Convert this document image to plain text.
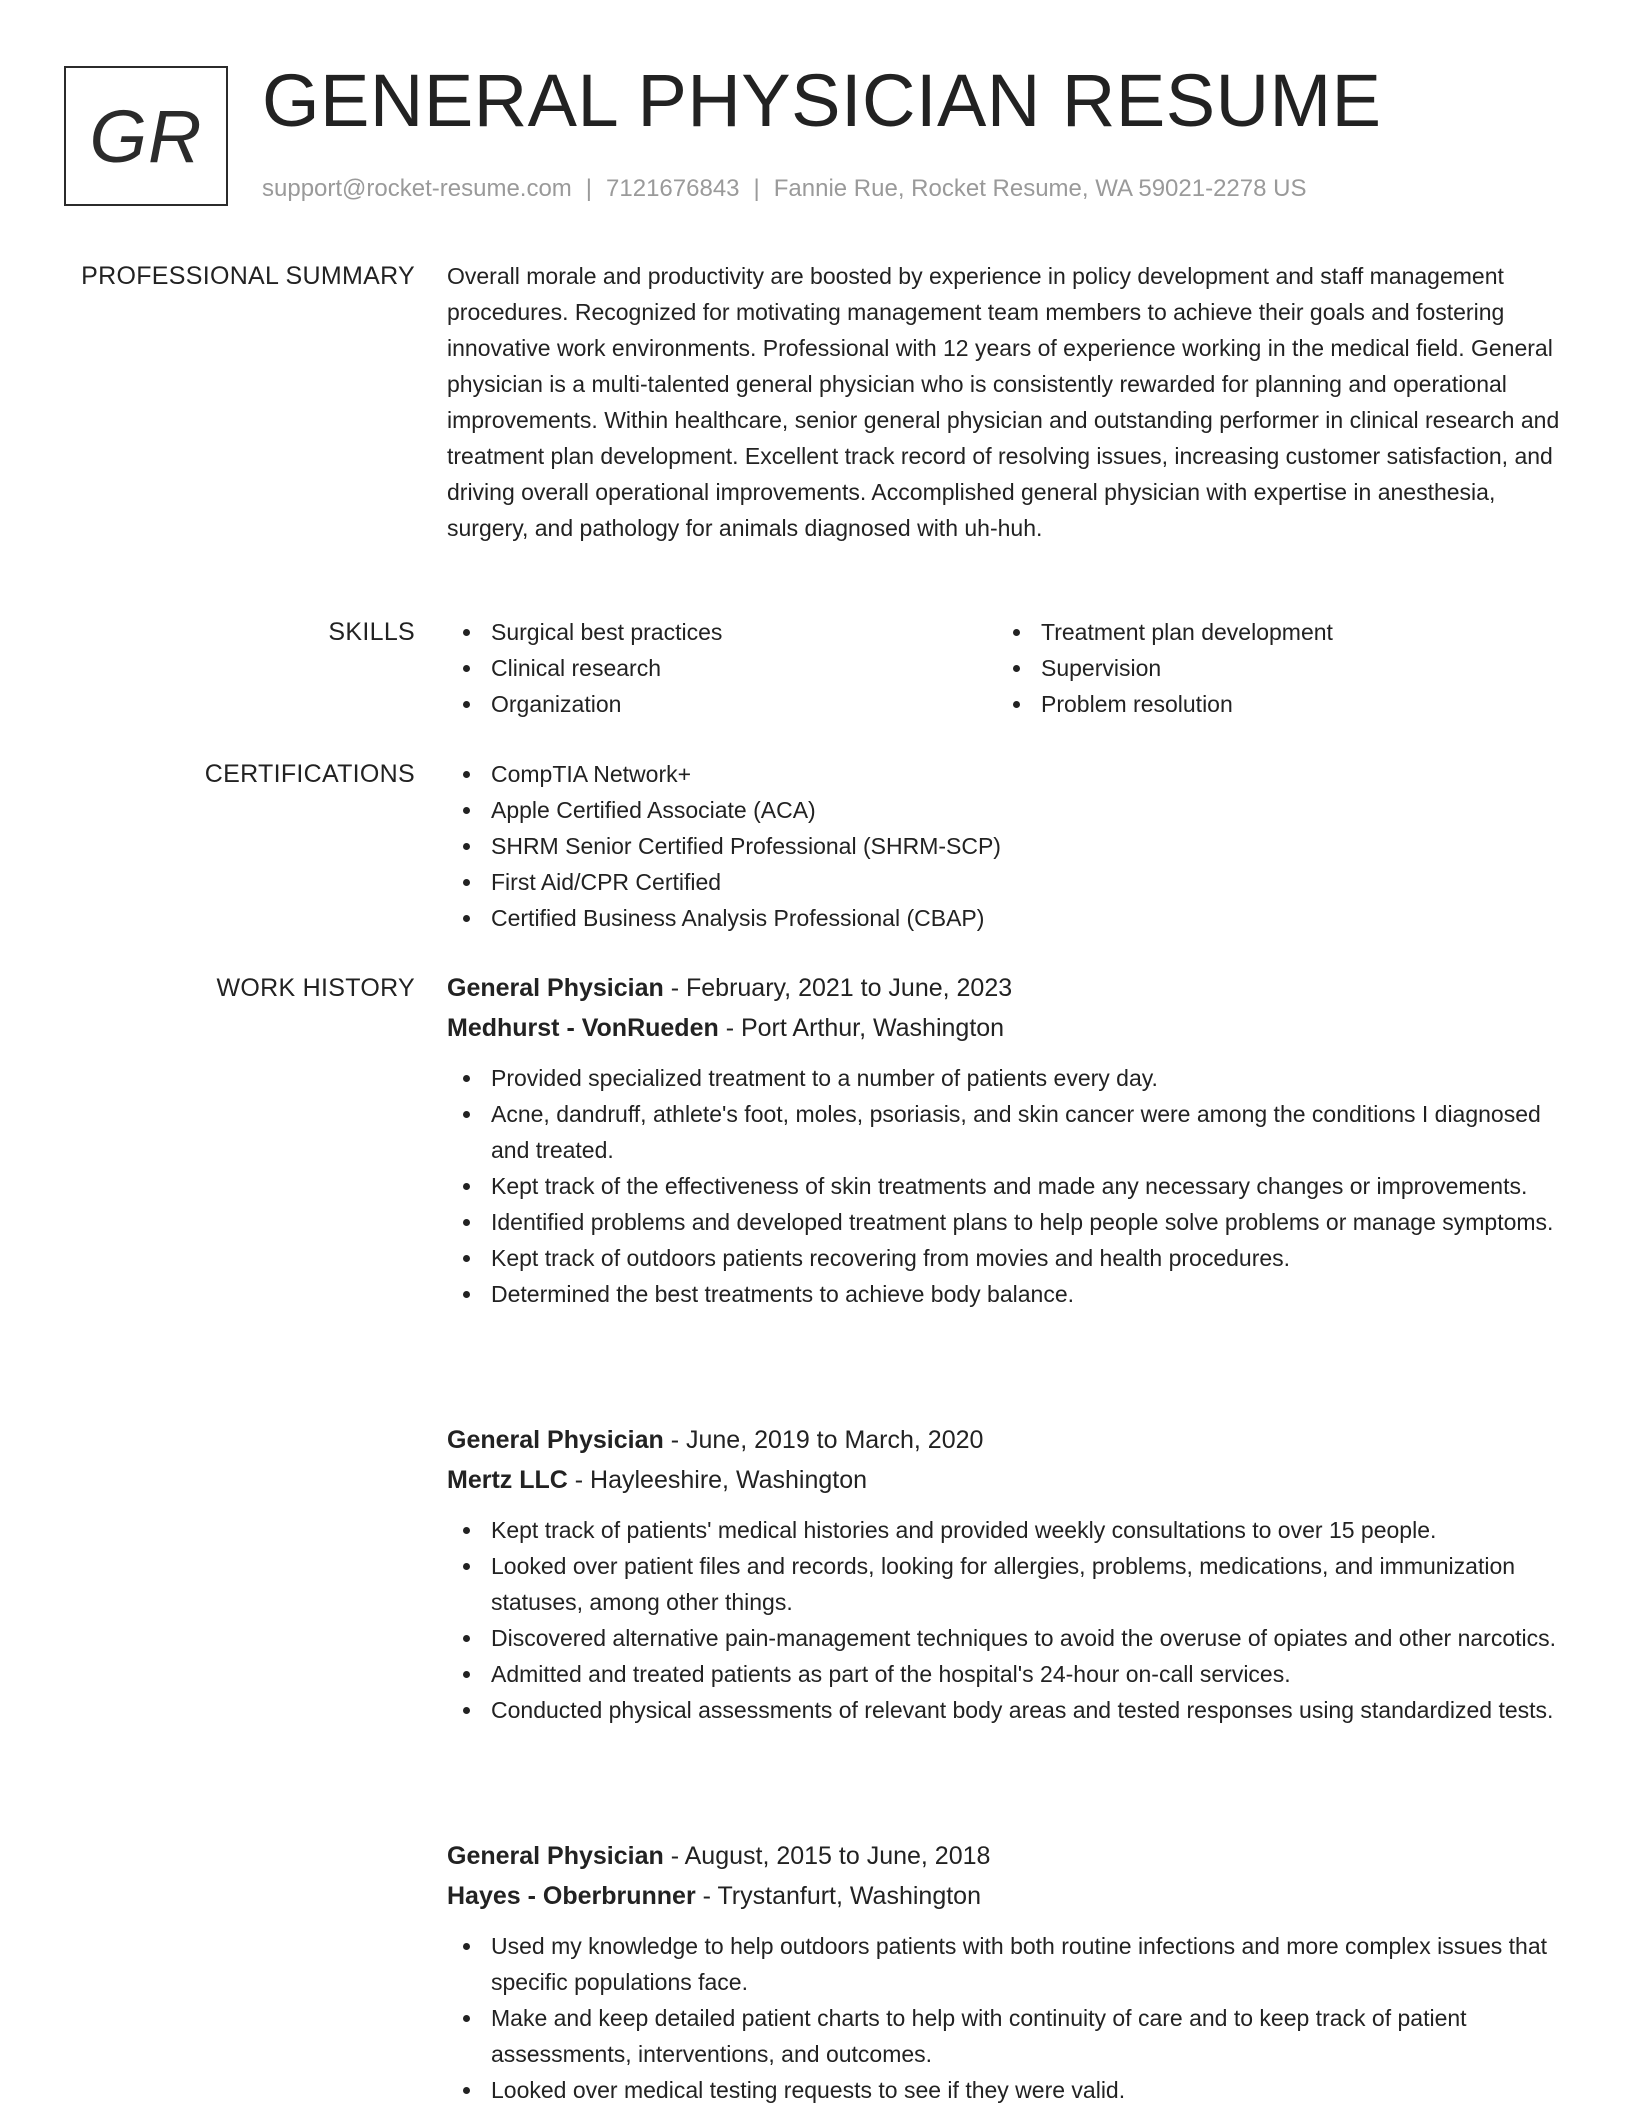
GR GENERAL PHYSICIAN RESUME
support@rocket-resume.com | 7121676843 | Fannie Rue, Rocket Resume, WA 59021-2278 US
PROFESSIONAL SUMMARY Overall morale and productivity are boosted by experience in policy development and staff management procedures. Recognized for motivating management team members to achieve their goals and fostering innovative work environments. Professional with 12 years of experience working in the medical field. General physician is a multi-talented general physician who is consistently rewarded for planning and operational improvements. Within healthcare, senior general physician and outstanding performer in clinical research and treatment plan development. Excellent track record of resolving issues, increasing customer satisfaction, and driving overall operational improvements. Accomplished general physician with expertise in anesthesia, surgery, and pathology for animals diagnosed with uh-huh.

SKILLS	Surgical best practices
Clinical research
Organization
Treatment plan development
Supervision
Problem resolution
CERTIFICATIONS	CompTIA Network+
Apple Certified Associate (ACA)
SHRM Senior Certified Professional (SHRM-SCP)
First Aid/CPR Certified
Certified Business Analysis Professional (CBAP)
WORK HISTORY General Physician - February, 2021 to June, 2023
Medhurst - VonRueden - Port Arthur, Washington
Provided specialized treatment to a number of patients every day.
Acne, dandruff, athlete's foot, moles, psoriasis, and skin cancer were among the conditions I diagnosed and treated.
Kept track of the effectiveness of skin treatments and made any necessary changes or improvements.
Identified problems and developed treatment plans to help people solve problems or manage symptoms.
Kept track of outdoors patients recovering from movies and health procedures.
Determined the best treatments to achieve body balance.
General Physician - June, 2019 to March, 2020
Mertz LLC - Hayleeshire, Washington
Kept track of patients' medical histories and provided weekly consultations to over 15 people.
Looked over patient files and records, looking for allergies, problems, medications, and immunization statuses, among other things.
Discovered alternative pain-management techniques to avoid the overuse of opiates and other narcotics.
Admitted and treated patients as part of the hospital's 24-hour on-call services.
Conducted physical assessments of relevant body areas and tested responses using standardized tests.
General Physician - August, 2015 to June, 2018
Hayes - Oberbrunner - Trystanfurt, Washington
Used my knowledge to help outdoors patients with both routine infections and more complex issues that specific populations face.
Make and keep detailed patient charts to help with continuity of care and to keep track of patient assessments, interventions, and outcomes.
Looked over medical testing requests to see if they were valid.
